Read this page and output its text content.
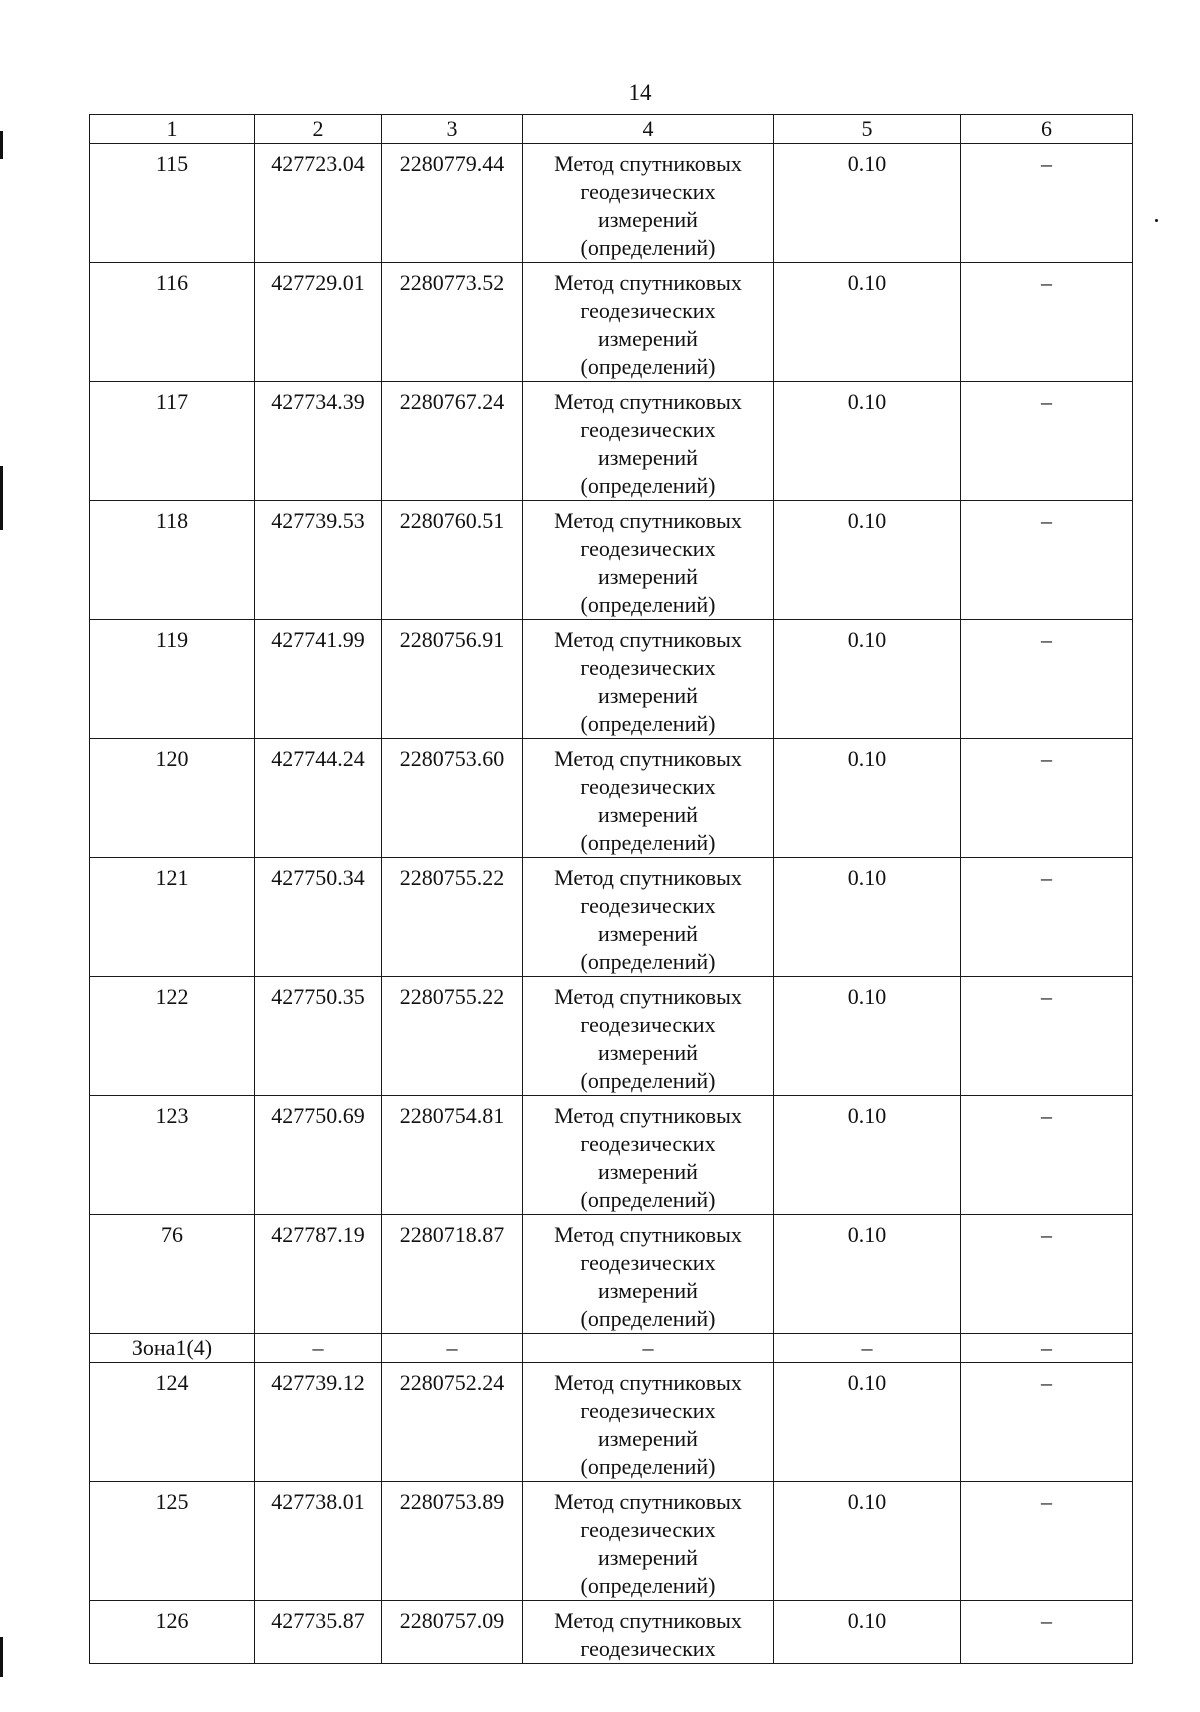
14
1	2	3	4	5	6
115	427723.04	2280779.44	Метод спутниковых
геодезических
измерений
(определений)	0.10	–
116	427729.01	2280773.52	Метод спутниковых
геодезических
измерений
(определений)	0.10	–
117	427734.39	2280767.24	Метод спутниковых
геодезических
измерений
(определений)	0.10	–
118	427739.53	2280760.51	Метод спутниковых
геодезических
измерений
(определений)	0.10	–
119	427741.99	2280756.91	Метод спутниковых
геодезических
измерений
(определений)	0.10	–
120	427744.24	2280753.60	Метод спутниковых
геодезических
измерений
(определений)	0.10	–
121	427750.34	2280755.22	Метод спутниковых
геодезических
измерений
(определений)	0.10	–
122	427750.35	2280755.22	Метод спутниковых
геодезических
измерений
(определений)	0.10	–
123	427750.69	2280754.81	Метод спутниковых
геодезических
измерений
(определений)	0.10	–
76	427787.19	2280718.87	Метод спутниковых
геодезических
измерений
(определений)	0.10	–
Зона1(4)	–	–	–	–	–
124	427739.12	2280752.24	Метод спутниковых
геодезических
измерений
(определений)	0.10	–
125	427738.01	2280753.89	Метод спутниковых
геодезических
измерений
(определений)	0.10	–
126	427735.87	2280757.09	Метод спутниковых
геодезических	0.10	–
